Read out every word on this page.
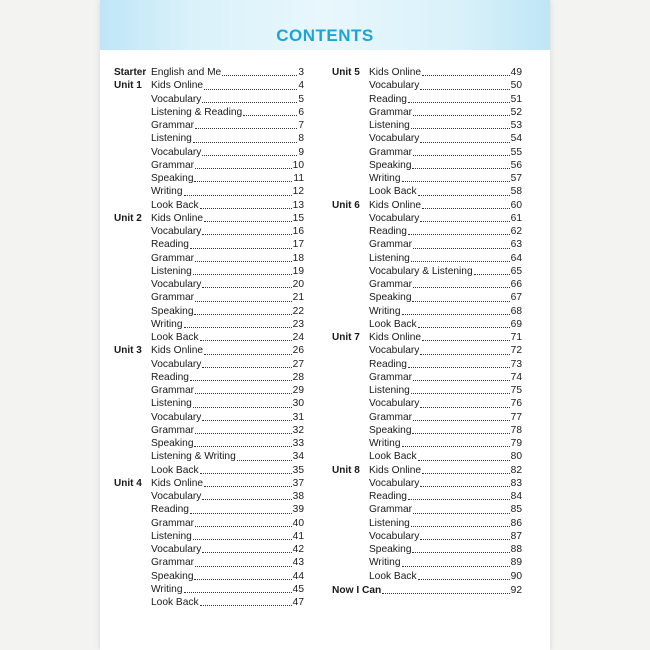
CONTENTS
Starter English and Me	3
Unit 1 Kids Online	4
Vocabulary	5
Listening & Reading	6
Grammar	7
Listening	8
Vocabulary	9
Grammar	10
Speaking	11
Writing	12
Look Back	13
Unit 2 Kids Online	15
Vocabulary	16
Reading	17
Grammar	18
Listening	19
Vocabulary	20
Grammar	21
Speaking	22
Writing	23
Look Back	24
Unit 3 Kids Online	26
Vocabulary	27
Reading	28
Grammar	29
Listening	30
Vocabulary	31
Grammar	32
Speaking	33
Listening & Writing	34
Look Back	35
Unit 4 Kids Online	37
Vocabulary	38
Reading	39
Grammar	40
Listening	41
Vocabulary	42
Grammar	43
Speaking	44
Writing	45
Look Back	47
Unit 5 Kids Online	49
Vocabulary	50
Reading	51
Grammar	52
Listening	53
Vocabulary	54
Grammar	55
Speaking	56
Writing	57
Look Back	58
Unit 6 Kids Online	60
Vocabulary	61
Reading	62
Grammar	63
Listening	64
Vocabulary & Listening	65
Grammar	66
Speaking	67
Writing	68
Look Back	69
Unit 7 Kids Online	71
Vocabulary	72
Reading	73
Grammar	74
Listening	75
Vocabulary	76
Grammar	77
Speaking	78
Writing	79
Look Back	80
Unit 8 Kids Online	82
Vocabulary	83
Reading	84
Grammar	85
Listening	86
Vocabulary	87
Speaking	88
Writing	89
Look Back	90
Now I Can	92
